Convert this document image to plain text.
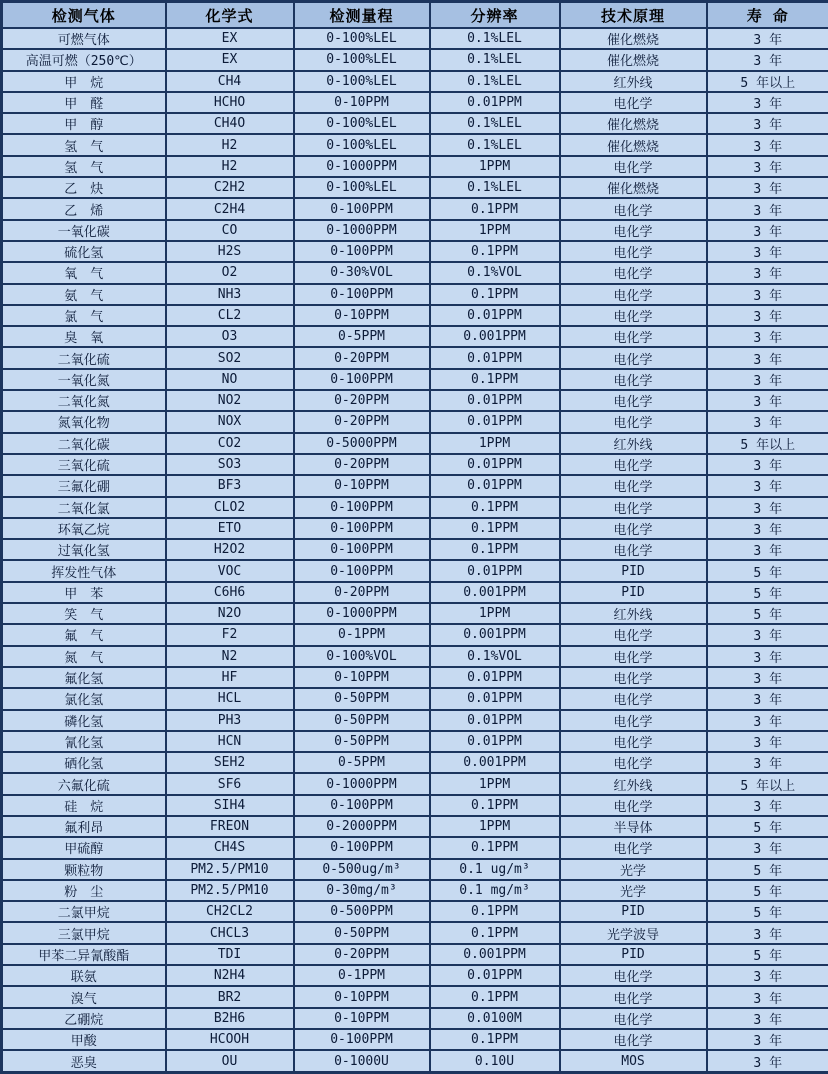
检测气体	化学式	检测量程	分辨率	技术原理	寿 命
可燃气体	EX	0-100%LEL	0.1%LEL	催化燃烧	3 年
高温可燃（250℃）	EX	0-100%LEL	0.1%LEL	催化燃烧	3 年
甲　烷	CH4	0-100%LEL	0.1%LEL	红外线	5 年以上
甲　醛	HCHO	0-10PPM	0.01PPM	电化学	3 年
甲　醇	CH4O	0-100%LEL	0.1%LEL	催化燃烧	3 年
氢　气	H2	0-100%LEL	0.1%LEL	催化燃烧	3 年
氢　气	H2	0-1000PPM	1PPM	电化学	3 年
乙　炔	C2H2	0-100%LEL	0.1%LEL	催化燃烧	3 年
乙　烯	C2H4	0-100PPM	0.1PPM	电化学	3 年
一氧化碳	CO	0-1000PPM	1PPM	电化学	3 年
硫化氢	H2S	0-100PPM	0.1PPM	电化学	3 年
氧　气	O2	0-30%VOL	0.1%VOL	电化学	3 年
氨　气	NH3	0-100PPM	0.1PPM	电化学	3 年
氯　气	CL2	0-10PPM	0.01PPM	电化学	3 年
臭　氧	O3	0-5PPM	0.001PPM	电化学	3 年
二氧化硫	SO2	0-20PPM	0.01PPM	电化学	3 年
一氧化氮	NO	0-100PPM	0.1PPM	电化学	3 年
二氧化氮	NO2	0-20PPM	0.01PPM	电化学	3 年
氮氧化物	NOX	0-20PPM	0.01PPM	电化学	3 年
二氧化碳	CO2	0-5000PPM	1PPM	红外线	5 年以上
三氧化硫	SO3	0-20PPM	0.01PPM	电化学	3 年
三氟化硼	BF3	0-10PPM	0.01PPM	电化学	3 年
二氧化氯	CLO2	0-100PPM	0.1PPM	电化学	3 年
环氧乙烷	ETO	0-100PPM	0.1PPM	电化学	3 年
过氧化氢	H2O2	0-100PPM	0.1PPM	电化学	3 年
挥发性气体	VOC	0-100PPM	0.01PPM	PID	5 年
甲　苯	C6H6	0-20PPM	0.001PPM	PID	5 年
笑　气	N2O	0-1000PPM	1PPM	红外线	5 年
氟　气	F2	0-1PPM	0.001PPM	电化学	3 年
氮　气	N2	0-100%VOL	0.1%VOL	电化学	3 年
氟化氢	HF	0-10PPM	0.01PPM	电化学	3 年
氯化氢	HCL	0-50PPM	0.01PPM	电化学	3 年
磷化氢	PH3	0-50PPM	0.01PPM	电化学	3 年
氰化氢	HCN	0-50PPM	0.01PPM	电化学	3 年
硒化氢	SEH2	0-5PPM	0.001PPM	电化学	3 年
六氟化硫	SF6	0-1000PPM	1PPM	红外线	5 年以上
硅　烷	SIH4	0-100PPM	0.1PPM	电化学	3 年
氟利昂	FREON	0-2000PPM	1PPM	半导体	5 年
甲硫醇	CH4S	0-100PPM	0.1PPM	电化学	3 年
颗粒物	PM2.5/PM10	0-500ug/m³	0.1 ug/m³	光学	5 年
粉　尘	PM2.5/PM10	0-30mg/m³	0.1 mg/m³	光学	5 年
二氯甲烷	CH2CL2	0-500PPM	0.1PPM	PID	5 年
三氯甲烷	CHCL3	0-50PPM	0.1PPM	光学波导	3 年
甲苯二异氰酸酯	TDI	0-20PPM	0.001PPM	PID	5 年
联氨	N2H4	0-1PPM	0.01PPM	电化学	3 年
溴气	BR2	0-10PPM	0.1PPM	电化学	3 年
乙硼烷	B2H6	0-10PPM	0.0100M	电化学	3 年
甲酸	HCOOH	0-100PPM	0.1PPM	电化学	3 年
恶臭	OU	0-1000U	0.10U	MOS	3 年
